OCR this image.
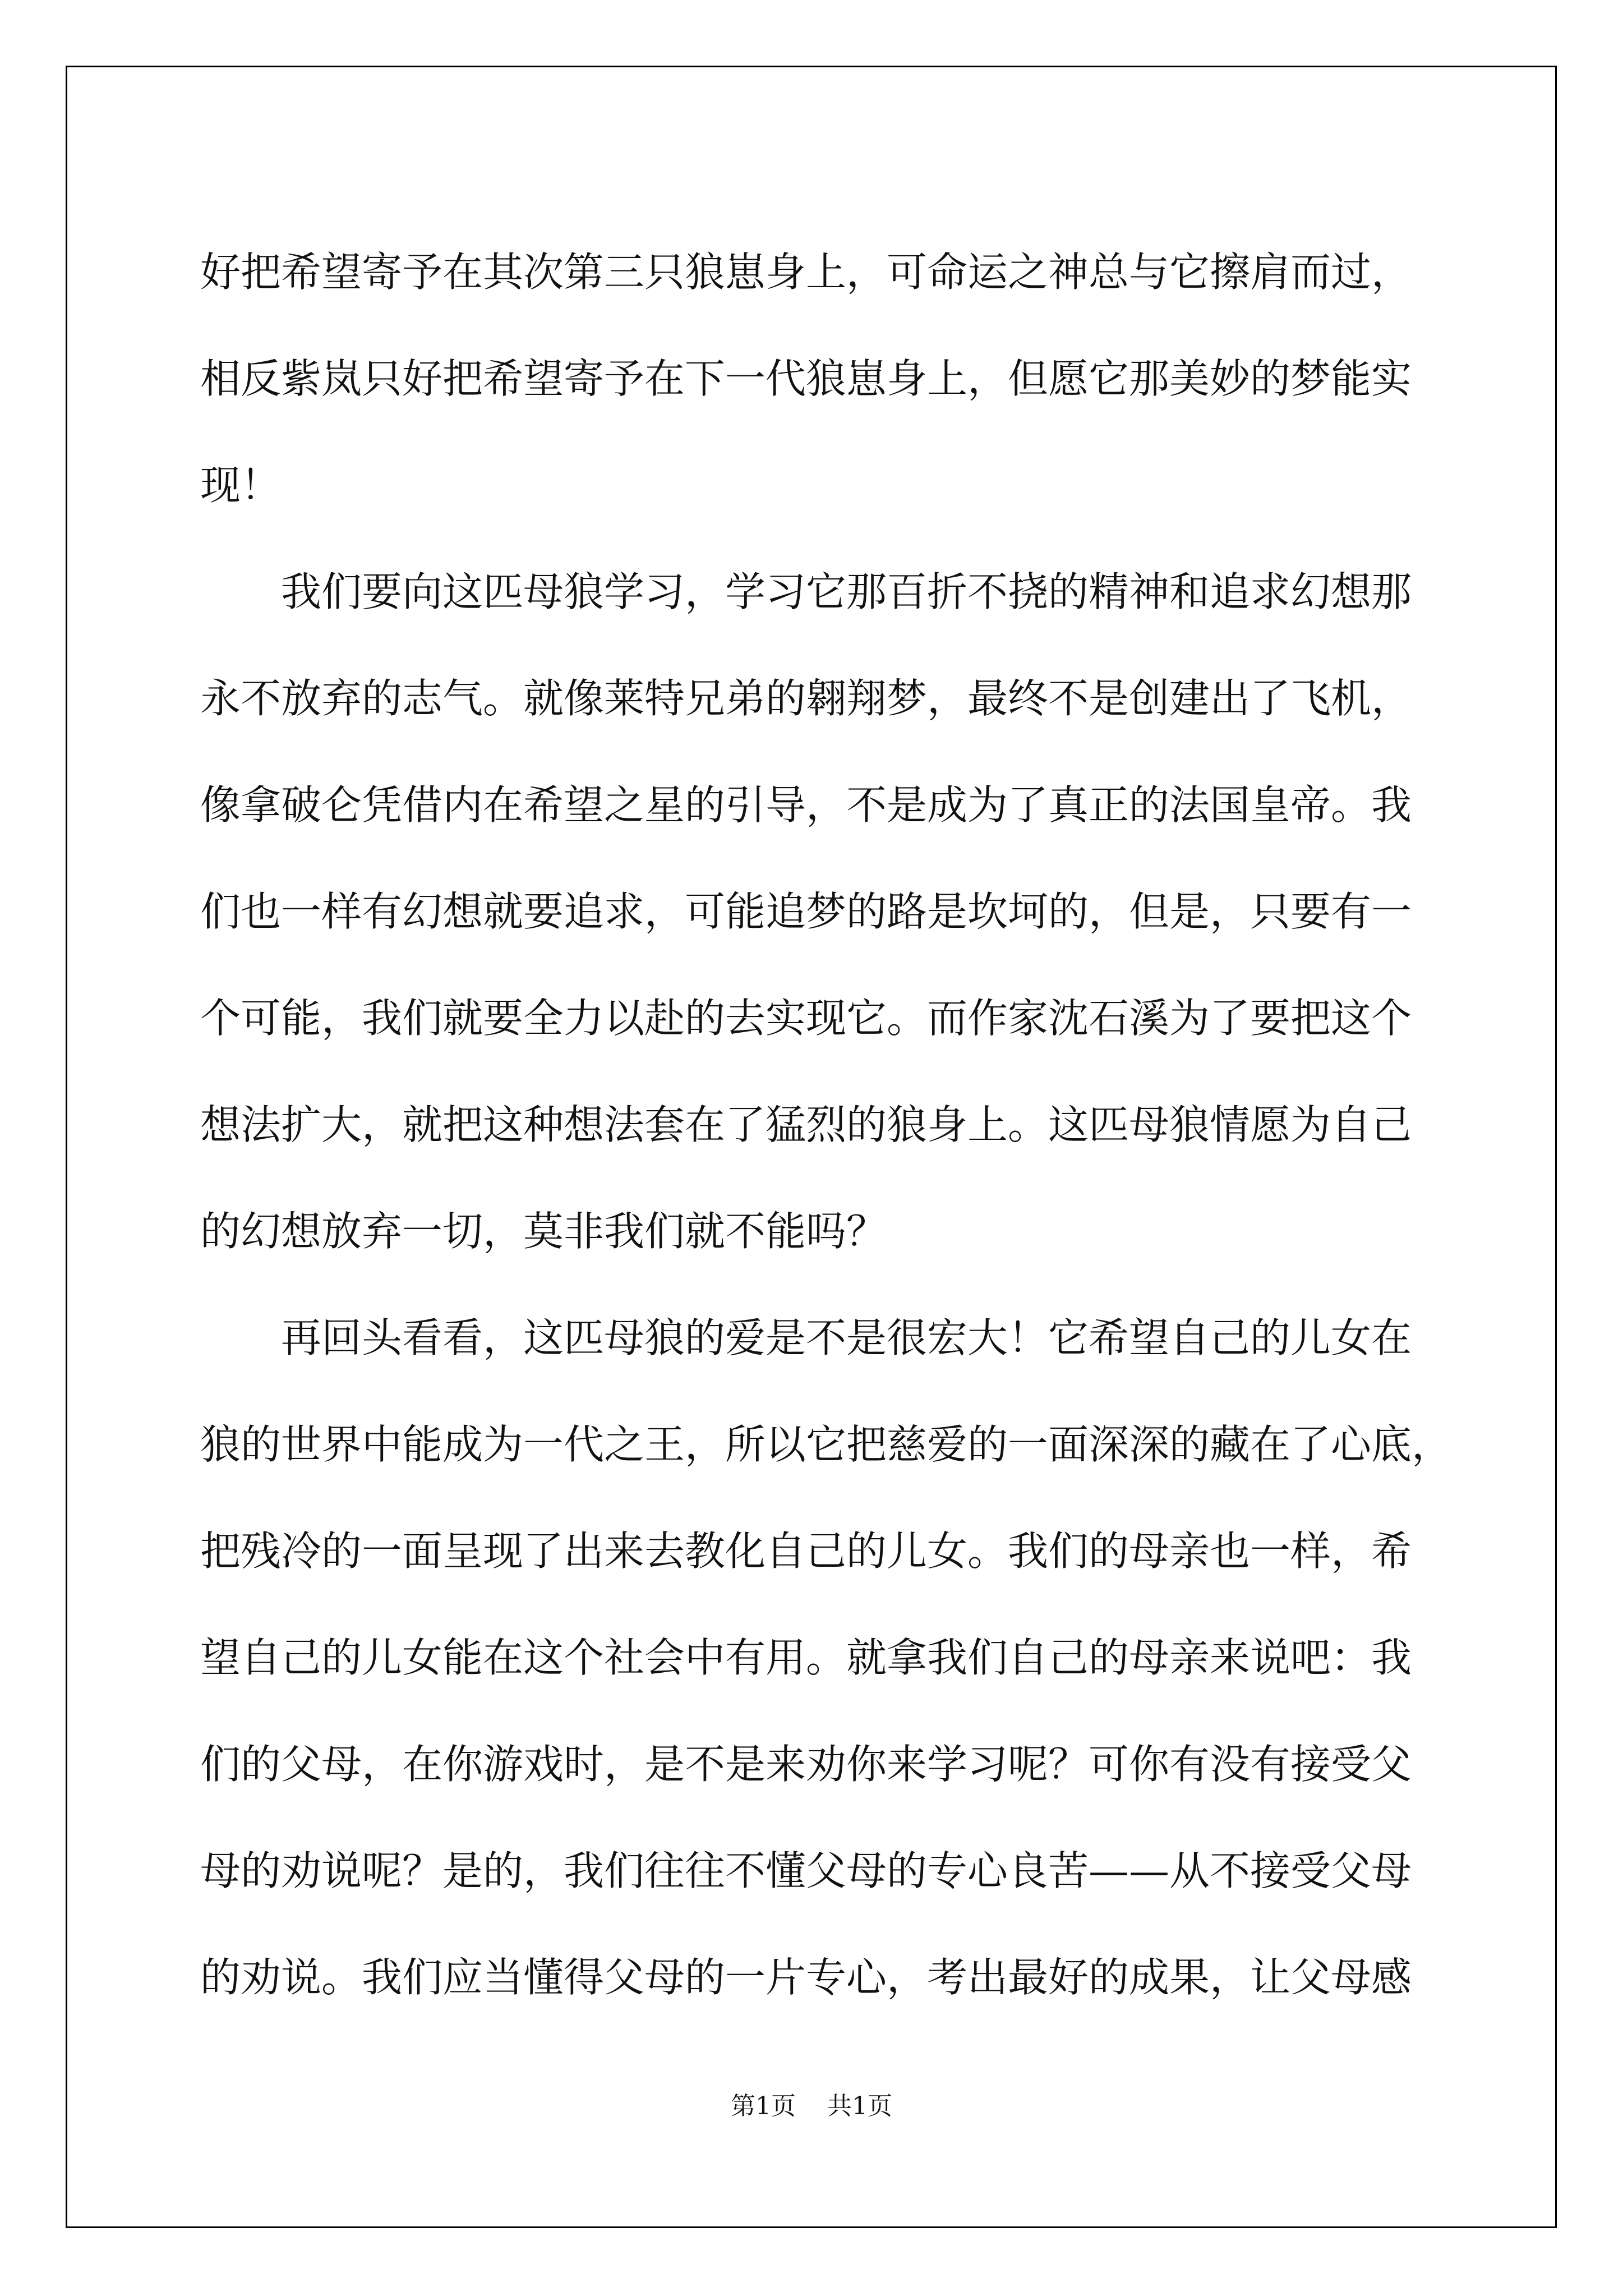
好把希望寄予在其次第三只狼崽身上，可命运之神总与它擦肩而过，
相反紫岚只好把希望寄予在下一代狼崽身上，但愿它那美妙的梦能实
现！
我们要向这匹母狼学习，学习它那百折不挠的精神和追求幻想那
永不放弃的志气。就像莱特兄弟的翱翔梦，最终不是创建出了飞机，
像拿破仑凭借内在希望之星的引导，不是成为了真正的法国皇帝。我
们也一样有幻想就要追求，可能追梦的路是坎坷的，但是，只要有一
个可能，我们就要全力以赴的去实现它。而作家沈石溪为了要把这个
想法扩大，就把这种想法套在了猛烈的狼身上。这匹母狼情愿为自己
的幻想放弃一切，莫非我们就不能吗？
再回头看看，这匹母狼的爱是不是很宏大！它希望自己的儿女在
狼的世界中能成为一代之王，所以它把慈爱的一面深深的藏在了心底，
把残冷的一面呈现了出来去教化自己的儿女。我们的母亲也一样，希
望自己的儿女能在这个社会中有用。就拿我们自己的母亲来说吧：我
们的父母，在你游戏时，是不是来劝你来学习呢？可你有没有接受父
母的劝说呢？是的，我们往往不懂父母的专心良苦——从不接受父母
的劝说。我们应当懂得父母的一片专心，考出最好的成果，让父母感
第1页 共1页
